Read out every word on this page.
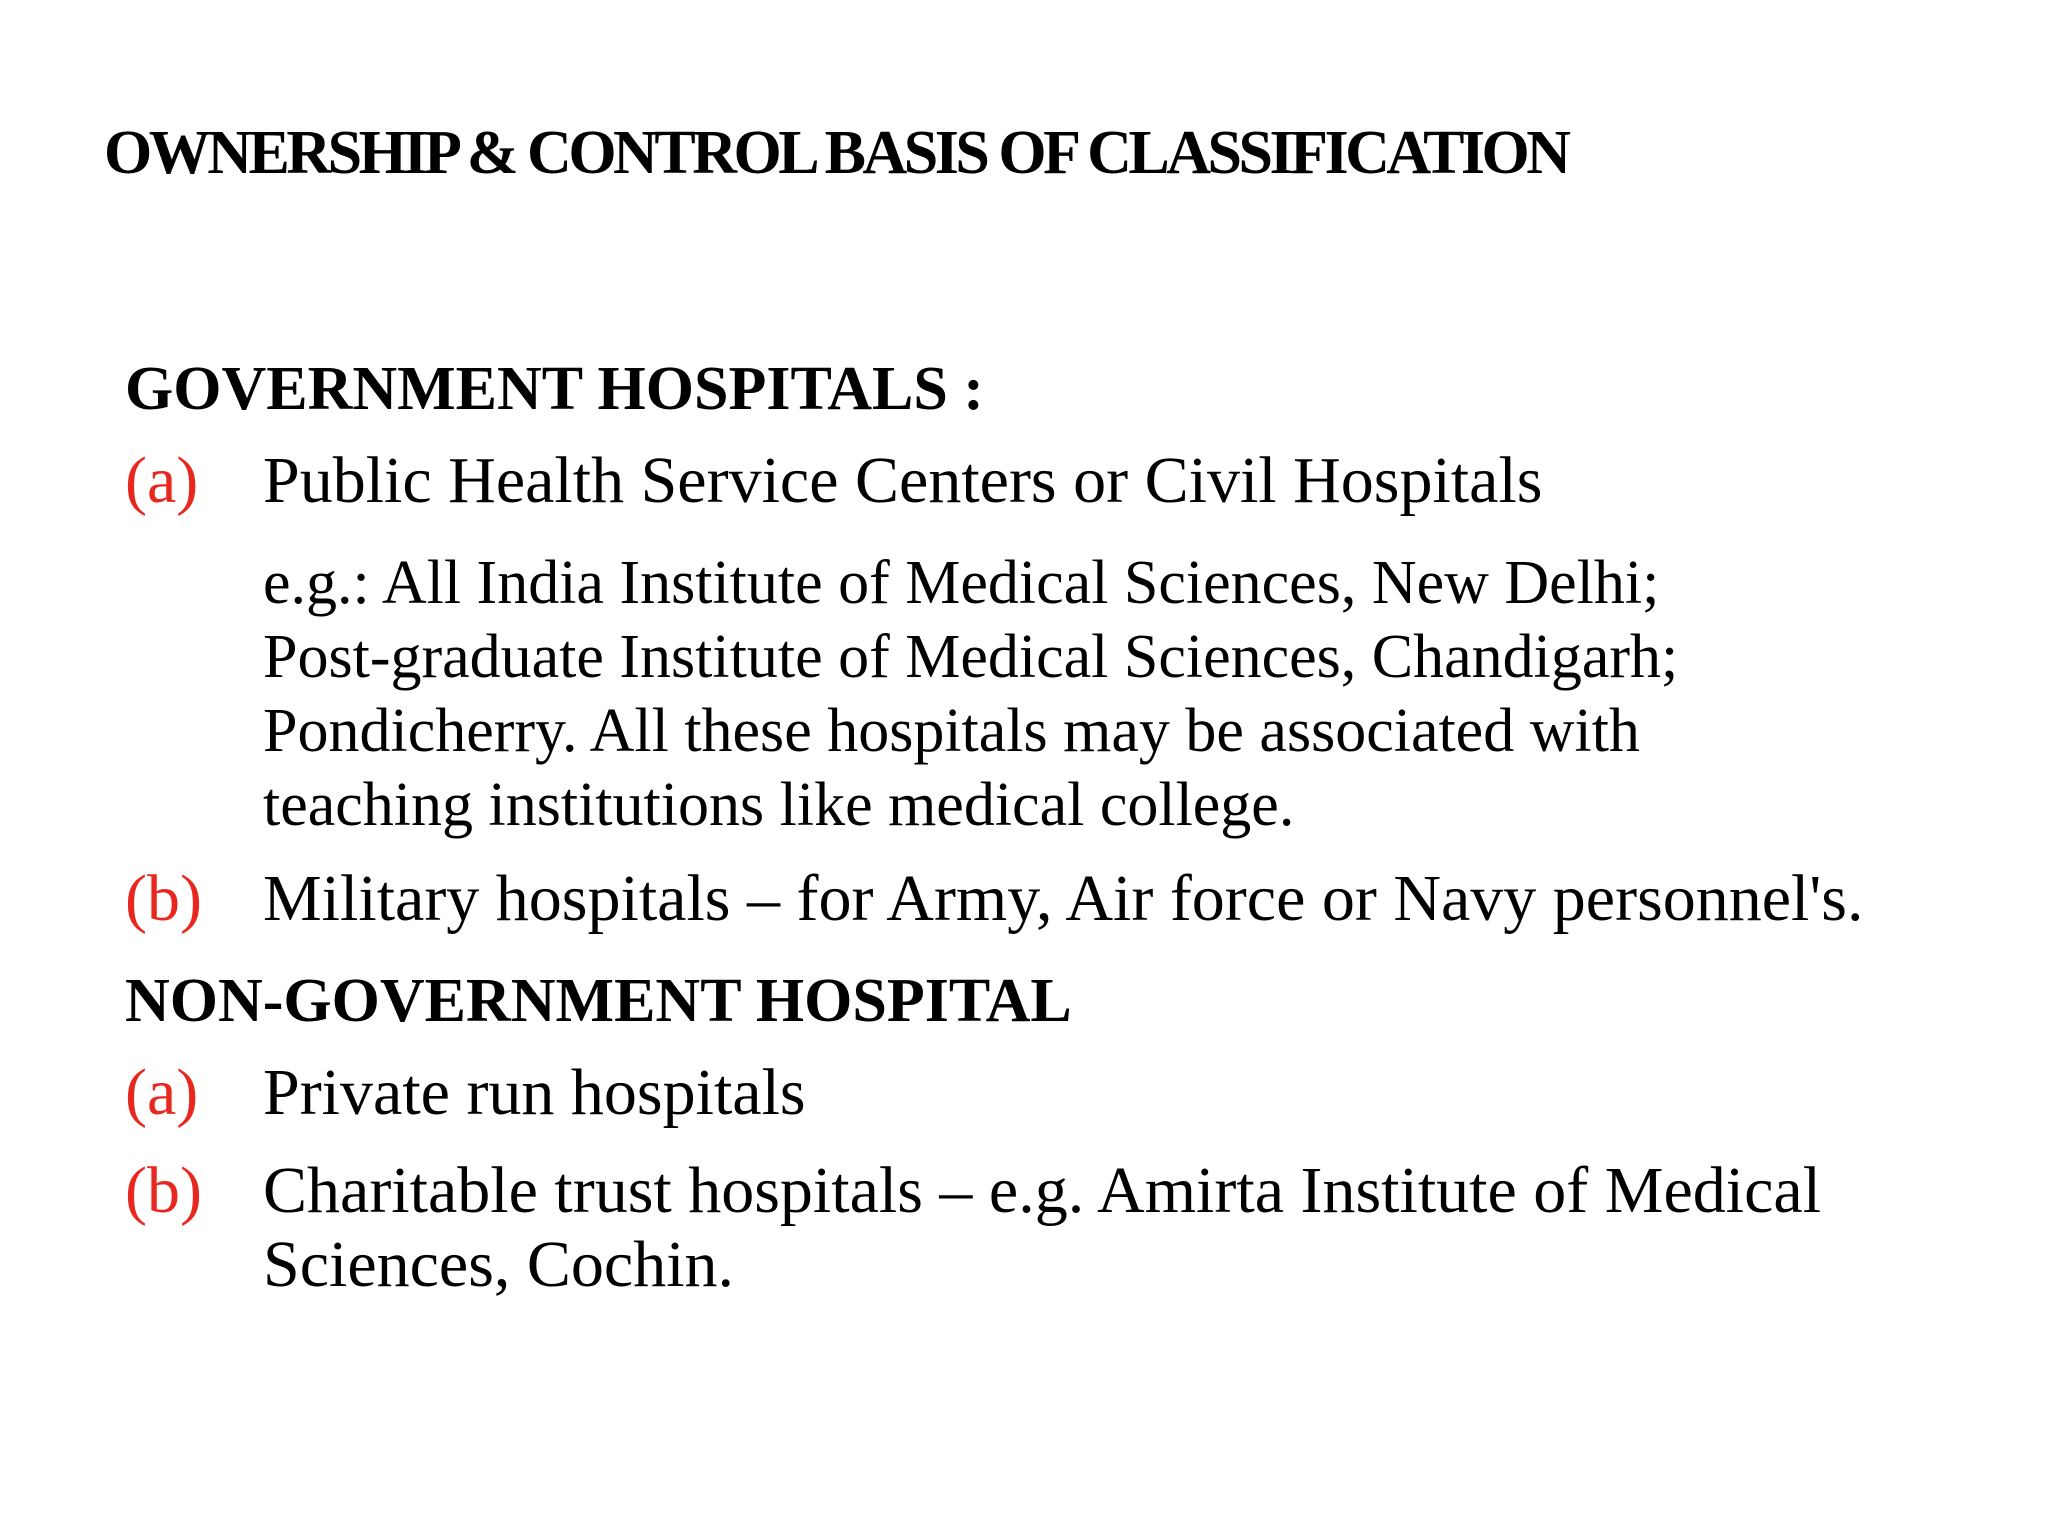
OWNERSHIP & CONTROL BASIS OF CLASSIFICATION
GOVERNMENT HOSPITALS :
(a) Public Health Service Centers or Civil Hospitals
e.g.: All India Institute of Medical Sciences, New Delhi;
Post-graduate Institute of Medical Sciences, Chandigarh;
Pondicherry. All these hospitals may be associated with
teaching institutions like medical college.
(b) Military hospitals – for Army, Air force or Navy personnel's.
NON-GOVERNMENT HOSPITAL
(a) Private run hospitals
(b) Charitable trust hospitals – e.g. Amirta Institute of Medical
Sciences, Cochin.
